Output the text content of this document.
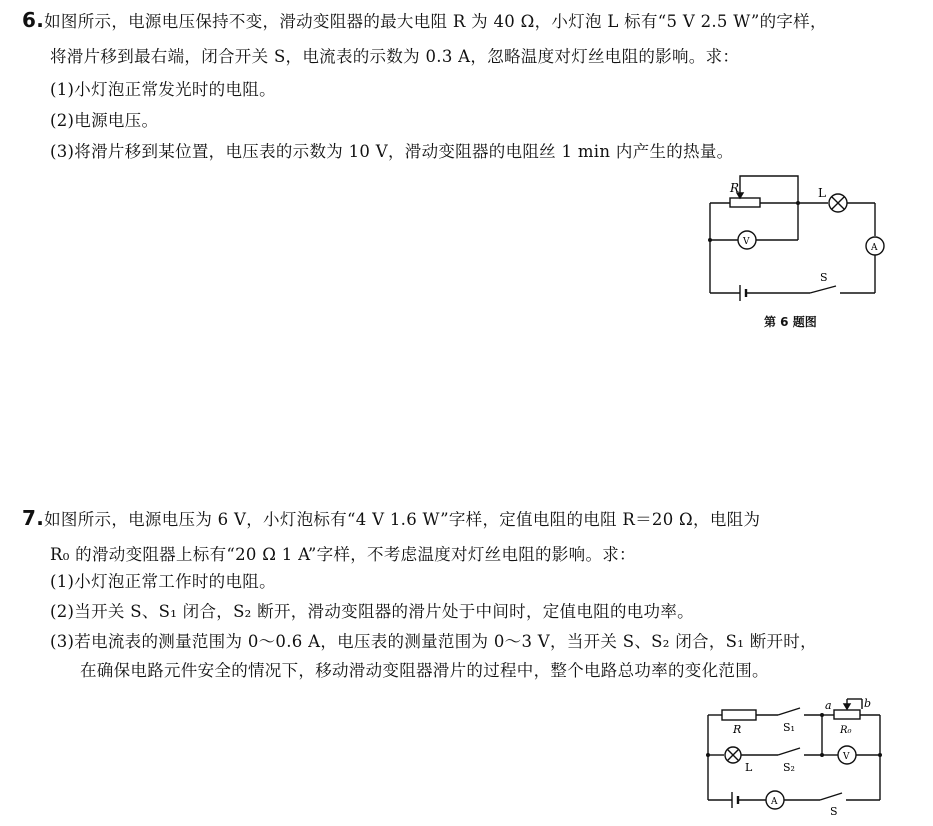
6.如图所示，电源电压保持不变，滑动变阻器的最大电阻 R 为 40 Ω，小灯泡 L 标有“5 V 2.5 W”的字样，
将滑片移到最右端，闭合开关 S，电流表的示数为 0.3 A，忽略温度对灯丝电阻的影响。求：
(1)小灯泡正常发光时的电阻。
(2)电源电压。
(3)将滑片移到某位置，电压表的示数为 10 V，滑动变阻器的电阻丝 1 min 内产生的热量。
R	L
V
A
S
第 6 题图
7.如图所示，电源电压为 6 V，小灯泡标有“4 V 1.6 W”字样，定值电阻的电阻 R＝20 Ω，电阻为
R₀ 的滑动变阻器上标有“20 Ω 1 A”字样，不考虑温度对灯丝电阻的影响。求：
(1)小灯泡正常工作时的电阻。
(2)当开关 S、S₁ 闭合，S₂ 断开，滑动变阻器的滑片处于中间时，定值电阻的电功率。
(3)若电流表的测量范围为 0～0.6 A，电压表的测量范围为 0～3 V，当开关 S、S₂ 闭合，S₁ 断开时，
在确保电路元件安全的情况下，移动滑动变阻器滑片的过程中，整个电路总功率的变化范围。
R	S₁
a	b
R₀
L	S₂
V
A
S
